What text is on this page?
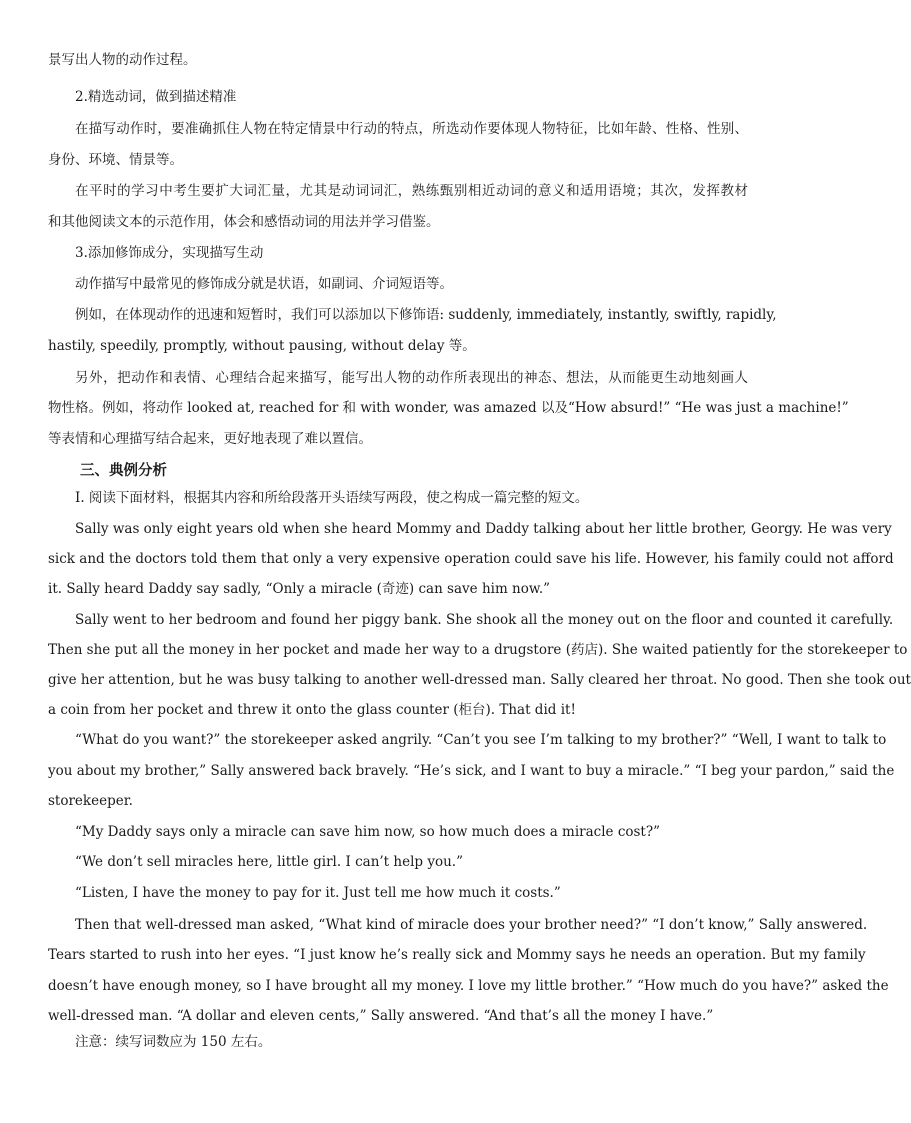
景写出人物的动作过程。
2.精选动词，做到描述精准
在描写动作时，要准确抓住人物在特定情景中行动的特点，所选动作要体现人物特征，比如年龄、性格、性别、
身份、环境、情景等。
在平时的学习中考生要扩大词汇量，尤其是动词词汇，熟练甄别相近动词的意义和适用语境；其次，发挥教材
和其他阅读文本的示范作用，体会和感悟动词的用法并学习借鉴。
3.添加修饰成分，实现描写生动
动作描写中最常见的修饰成分就是状语，如副词、介词短语等。
例如，在体现动作的迅速和短暂时，我们可以添加以下修饰语: suddenly, immediately, instantly, swiftly, rapidly,
hastily, speedily, promptly, without pausing, without delay 等。
另外，把动作和表情、心理结合起来描写，能写出人物的动作所表现出的神态、想法，从而能更生动地刻画人
物性格。例如，将动作 looked at, reached for 和 with wonder, was amazed 以及“How absurd!” “He was just a machine!”
等表情和心理描写结合起来，更好地表现了难以置信。
三、典例分析
Ⅰ. 阅读下面材料，根据其内容和所给段落开头语续写两段，使之构成一篇完整的短文。
Sally was only eight years old when she heard Mommy and Daddy talking about her little brother, Georgy. He was very
sick and the doctors told them that only a very expensive operation could save his life. However, his family could not afford
it. Sally heard Daddy say sadly, “Only a miracle (奇迹) can save him now.”
Sally went to her bedroom and found her piggy bank. She shook all the money out on the floor and counted it carefully.
Then she put all the money in her pocket and made her way to a drugstore (药店). She waited patiently for the storekeeper to
give her attention, but he was busy talking to another well-dressed man. Sally cleared her throat. No good. Then she took out
a coin from her pocket and threw it onto the glass counter (柜台). That did it!
“What do you want?” the storekeeper asked angrily. “Can’t you see I’m talking to my brother?” “Well, I want to talk to
you about my brother,” Sally answered back bravely. “He’s sick, and I want to buy a miracle.” “I beg your pardon,” said the
storekeeper.
“My Daddy says only a miracle can save him now, so how much does a miracle cost?”
“We don’t sell miracles here, little girl. I can’t help you.”
“Listen, I have the money to pay for it. Just tell me how much it costs.”
Then that well-dressed man asked, “What kind of miracle does your brother need?” “I don’t know,” Sally answered.
Tears started to rush into her eyes. “I just know he’s really sick and Mommy says he needs an operation. But my family
doesn’t have enough money, so I have brought all my money. I love my little brother.” “How much do you have?” asked the
well-dressed man. “A dollar and eleven cents,” Sally answered. “And that’s all the money I have.”
注意：续写词数应为 150 左右。
